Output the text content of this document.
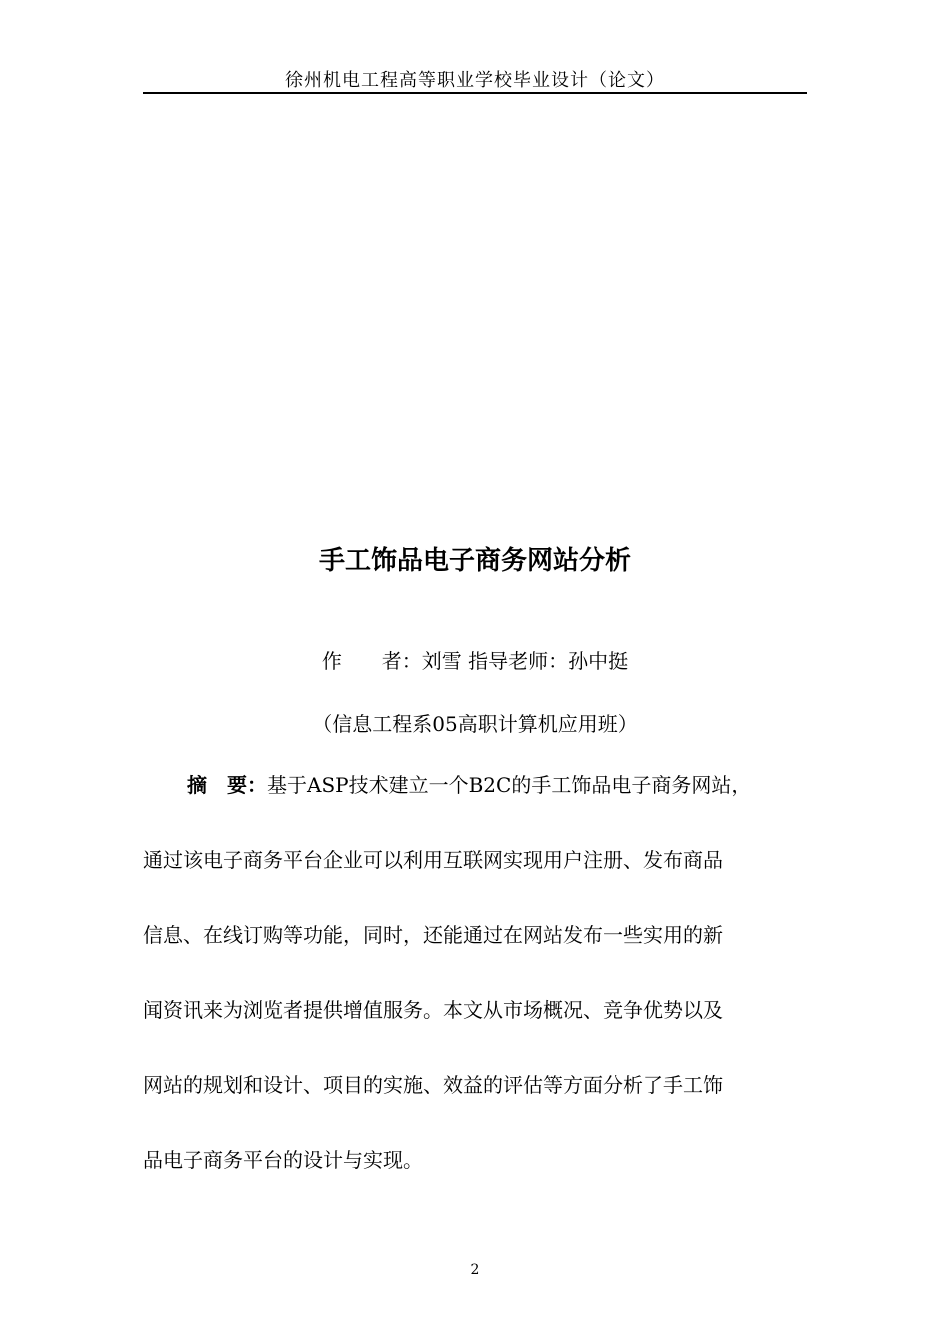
徐州机电工程高等职业学校毕业设计（论文）
手工饰品电子商务网站分析
作　　者：刘雪 指导老师：孙中挺
（信息工程系05高职计算机应用班）
摘　要：基于ASP技术建立一个B2C的手工饰品电子商务网站，
通过该电子商务平台企业可以利用互联网实现用户注册、发布商品
信息、在线订购等功能，同时，还能通过在网站发布一些实用的新
闻资讯来为浏览者提供增值服务。本文从市场概况、竞争优势以及
网站的规划和设计、项目的实施、效益的评估等方面分析了手工饰
品电子商务平台的设计与实现。
2
